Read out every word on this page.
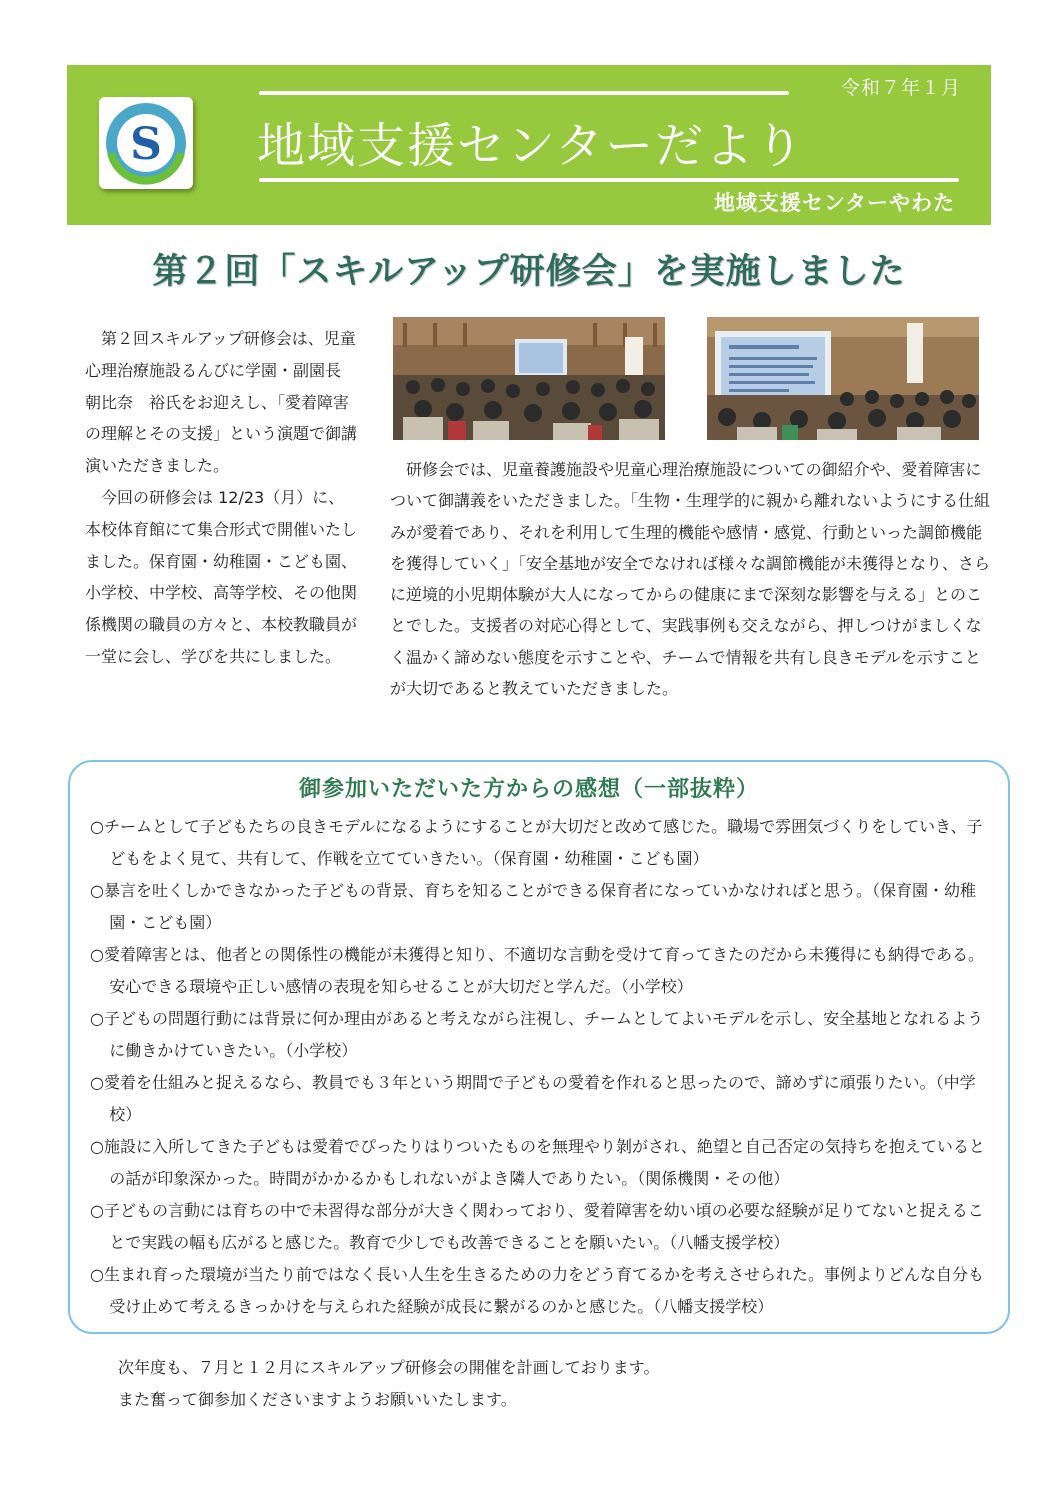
S
令和７年１月
地域支援センターだより
地域支援センターやわた
第２回「スキルアップ研修会」を実施しました

第２回スキルアップ研修会は、児童心理治療施設るんびに学園・副園長　朝比奈　裕氏をお迎えし、「愛着障害の理解とその支援」という演題で御講演いただきました。

今回の研修会は 12/23（月）に、本校体育館にて集合形式で開催いたしました。保育園・幼稚園・こども園、小学校、中学校、高等学校、その他関係機関の職員の方々と、本校教職員が一堂に会し、学びを共にしました。

研修会では、児童養護施設や児童心理治療施設についての御紹介や、愛着障害について御講義をいただきました。「生物・生理学的に親から離れないようにする仕組みが愛着であり、それを利用して生理的機能や感情・感覚、行動といった調節機能を獲得していく」「安全基地が安全でなければ様々な調節機能が未獲得となり、さらに逆境的小児期体験が大人になってからの健康にまで深刻な影響を与える」とのことでした。支援者の対応心得として、実践事例も交えながら、押しつけがましくなく温かく諦めない態度を示すことや、チームで情報を共有し良きモデルを示すことが大切であると教えていただきました。

御参加いただいた方からの感想（一部抜粋）
○チームとして子どもたちの良きモデルになるようにすることが大切だと改めて感じた。職場で雰囲気づくりをしていき、子どもをよく見て、共有して、作戦を立てていきたい。（保育園・幼稚園・こども園）
○暴言を吐くしかできなかった子どもの背景、育ちを知ることができる保育者になっていかなければと思う。（保育園・幼稚園・こども園）
○愛着障害とは、他者との関係性の機能が未獲得と知り、不適切な言動を受けて育ってきたのだから未獲得にも納得である。安心できる環境や正しい感情の表現を知らせることが大切だと学んだ。（小学校）
○子どもの問題行動には背景に何か理由があると考えながら注視し、チームとしてよいモデルを示し、安全基地となれるように働きかけていきたい。（小学校）
○愛着を仕組みと捉えるなら、教員でも３年という期間で子どもの愛着を作れると思ったので、諦めずに頑張りたい。（中学校）
○施設に入所してきた子どもは愛着でぴったりはりついたものを無理やり剝がされ、絶望と自己否定の気持ちを抱えているとの話が印象深かった。時間がかかるかもしれないがよき隣人でありたい。（関係機関・その他）
○子どもの言動には育ちの中で未習得な部分が大きく関わっており、愛着障害を幼い頃の必要な経験が足りてないと捉えることで実践の幅も広がると感じた。教育で少しでも改善できることを願いたい。（八幡支援学校）
○生まれ育った環境が当たり前ではなく長い人生を生きるための力をどう育てるかを考えさせられた。事例よりどんな自分も受け止めて考えるきっかけを与えられた経験が成長に繋がるのかと感じた。（八幡支援学校）

次年度も、７月と１２月にスキルアップ研修会の開催を計画しております。

また奮って御参加くださいますようお願いいたします。
